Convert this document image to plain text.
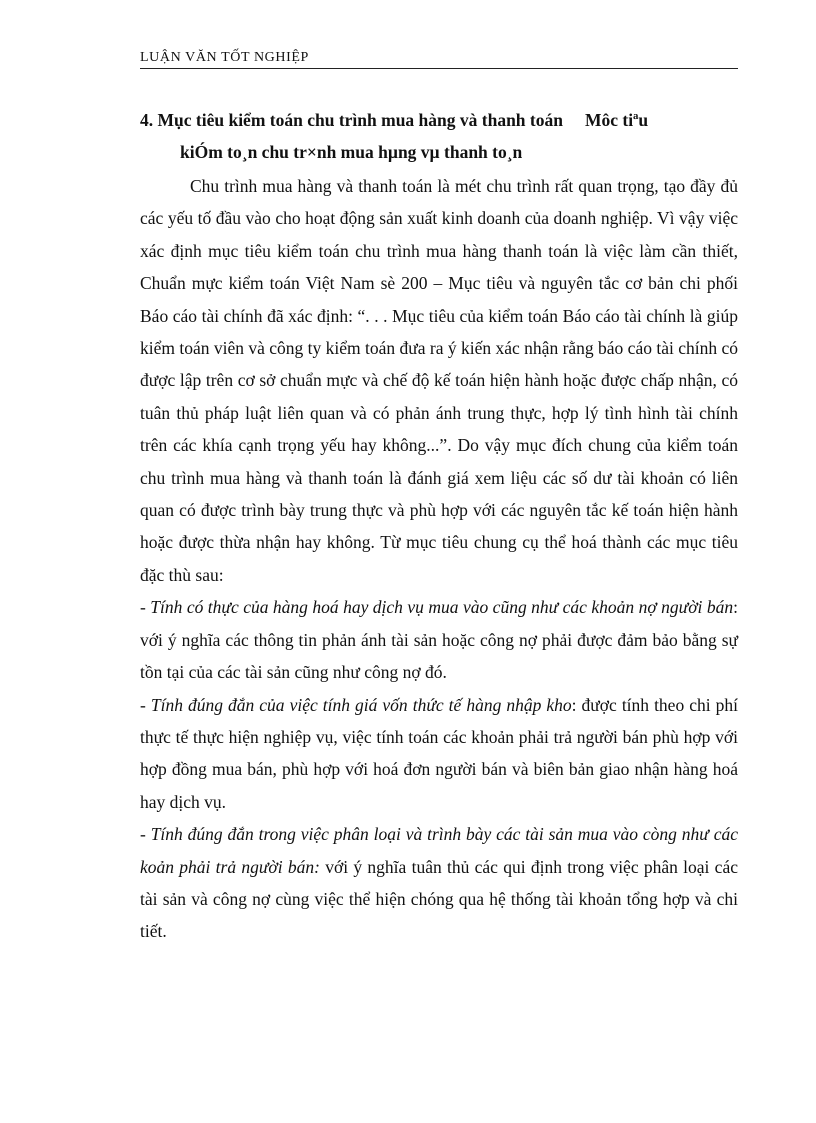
LUẬN VĂN TỐT NGHIỆP
4. Mục tiêu kiểm toán chu trình mua hàng và thanh toán Môc tiªu
kiÓm to¸n chu tr×nh mua hµng vµ thanh to¸n

Chu trình mua hàng và thanh toán là mét chu trình rất quan trọng, tạo đầy đủ các yếu tố đầu vào cho hoạt động sản xuất kinh doanh của doanh nghiệp. Vì vậy việc xác định mục tiêu kiểm toán chu trình mua hàng thanh toán là việc làm cần thiết, Chuẩn mực kiểm toán Việt Nam sè 200 – Mục tiêu và nguyên tắc cơ bản chi phối Báo cáo tài chính đã xác định: “. . . Mục tiêu của kiểm toán Báo cáo tài chính là giúp kiểm toán viên và công ty kiểm toán đưa ra ý kiến xác nhận rằng báo cáo tài chính có được lập trên cơ sở chuẩn mực và chế độ kế toán hiện hành hoặc được chấp nhận, có tuân thủ pháp luật liên quan và có phản ánh trung thực, hợp lý tình hình tài chính trên các khía cạnh trọng yếu hay không...”. Do vậy mục đích chung của kiểm toán chu trình mua hàng và thanh toán là đánh giá xem liệu các số dư tài khoản có liên quan có được trình bày trung thực và phù hợp với các nguyên tắc kế toán hiện hành hoặc được thừa nhận hay không. Từ mục tiêu chung cụ thể hoá thành các mục tiêu đặc thù sau:

- Tính có thực của hàng hoá hay dịch vụ mua vào cũng như các khoản nợ người bán: với ý nghĩa các thông tin phản ánh tài sản hoặc công nợ phải được đảm bảo bằng sự tồn tại của các tài sản cũng như công nợ đó.

- Tính đúng đắn của việc tính giá vốn thức tế hàng nhập kho: được tính theo chi phí thực tế thực hiện nghiệp vụ, việc tính toán các khoản phải trả người bán phù hợp với hợp đồng mua bán, phù hợp với hoá đơn người bán và biên bản giao nhận hàng hoá hay dịch vụ.

- Tính đúng đắn trong việc phân loại và trình bày các tài sản mua vào còng như các koản phải trả người bán: với ý nghĩa tuân thủ các qui định trong việc phân loại các tài sản và công nợ cùng việc thể hiện chóng qua hệ thống tài khoản tổng hợp và chi tiết.
